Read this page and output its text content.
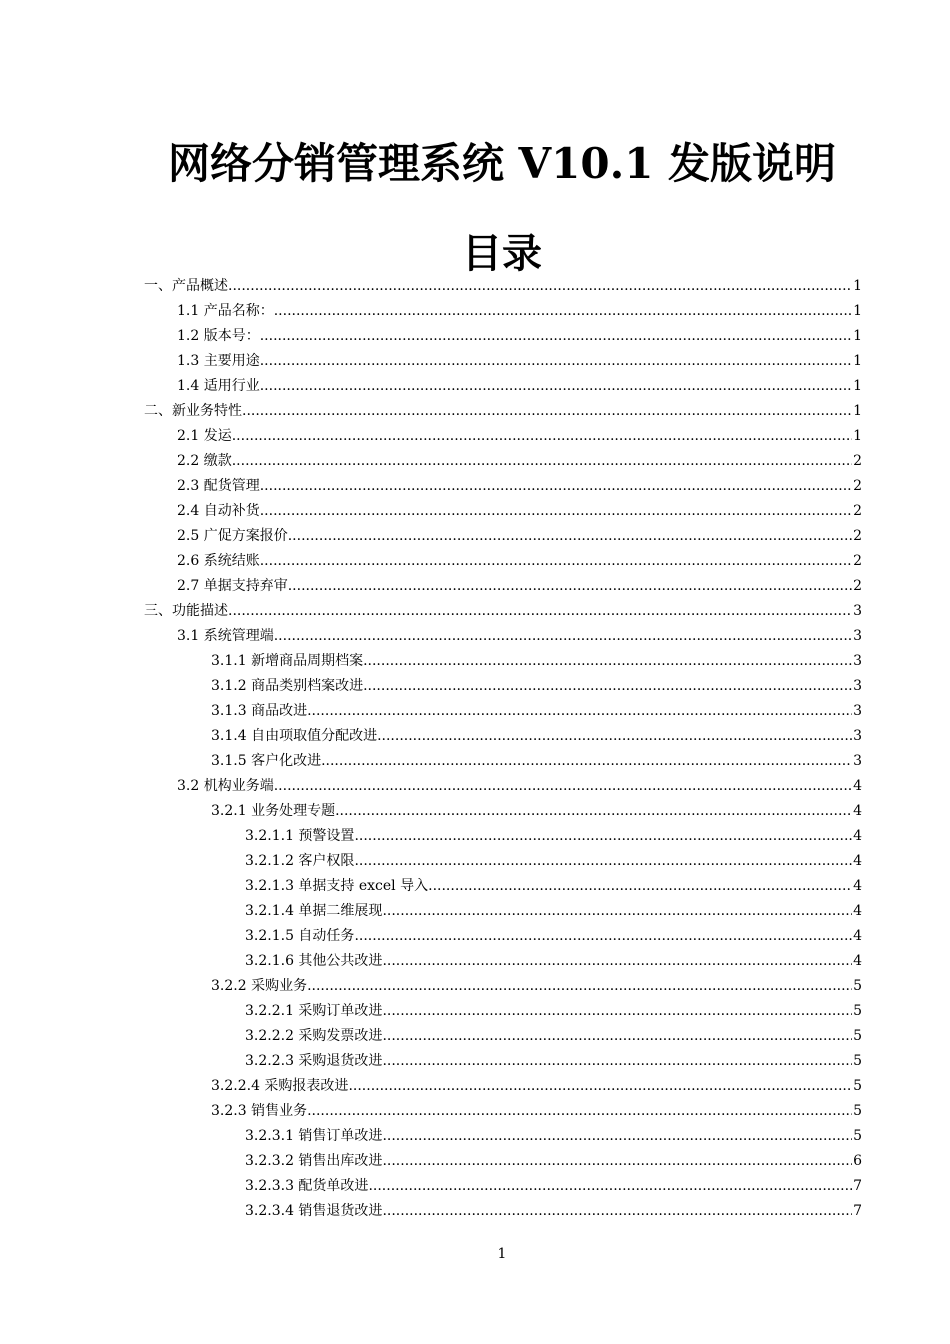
网络分销管理系统 V10.1 发版说明
目录
一、产品概述 .....	1
1.1 产品名称： .....	1
1.2 版本号： .....	1
1.3 主要用途 .....	1
1.4 适用行业 .....	1
二、新业务特性 .....	1
2.1 发运 .....	1
2.2 缴款 .....	2
2.3 配货管理 .....	2
2.4 自动补货 .....	2
2.5 广促方案报价 .....	2
2.6 系统结账 .....	2
2.7 单据支持弃审 .....	2
三、功能描述 .....	3
3.1 系统管理端 .....	3
3.1.1 新增商品周期档案 .....	3
3.1.2 商品类别档案改进 .....	3
3.1.3 商品改进 .....	3
3.1.4 自由项取值分配改进 .....	3
3.1.5 客户化改进 .....	3
3.2 机构业务端 .....	4
3.2.1 业务处理专题 .....	4
3.2.1.1 预警设置 .....	4
3.2.1.2 客户权限 .....	4
3.2.1.3 单据支持 excel 导入 .....	4
3.2.1.4 单据二维展现 .....	4
3.2.1.5 自动任务 .....	4
3.2.1.6 其他公共改进 .....	4
3.2.2 采购业务 .....	5
3.2.2.1 采购订单改进 .....	5
3.2.2.2 采购发票改进 .....	5
3.2.2.3 采购退货改进 .....	5
3.2.2.4 采购报表改进 .....	5
3.2.3 销售业务 .....	5
3.2.3.1 销售订单改进 .....	5
3.2.3.2 销售出库改进 .....	6
3.2.3.3 配货单改进 .....	7
3.2.3.4 销售退货改进 .....	7
1
